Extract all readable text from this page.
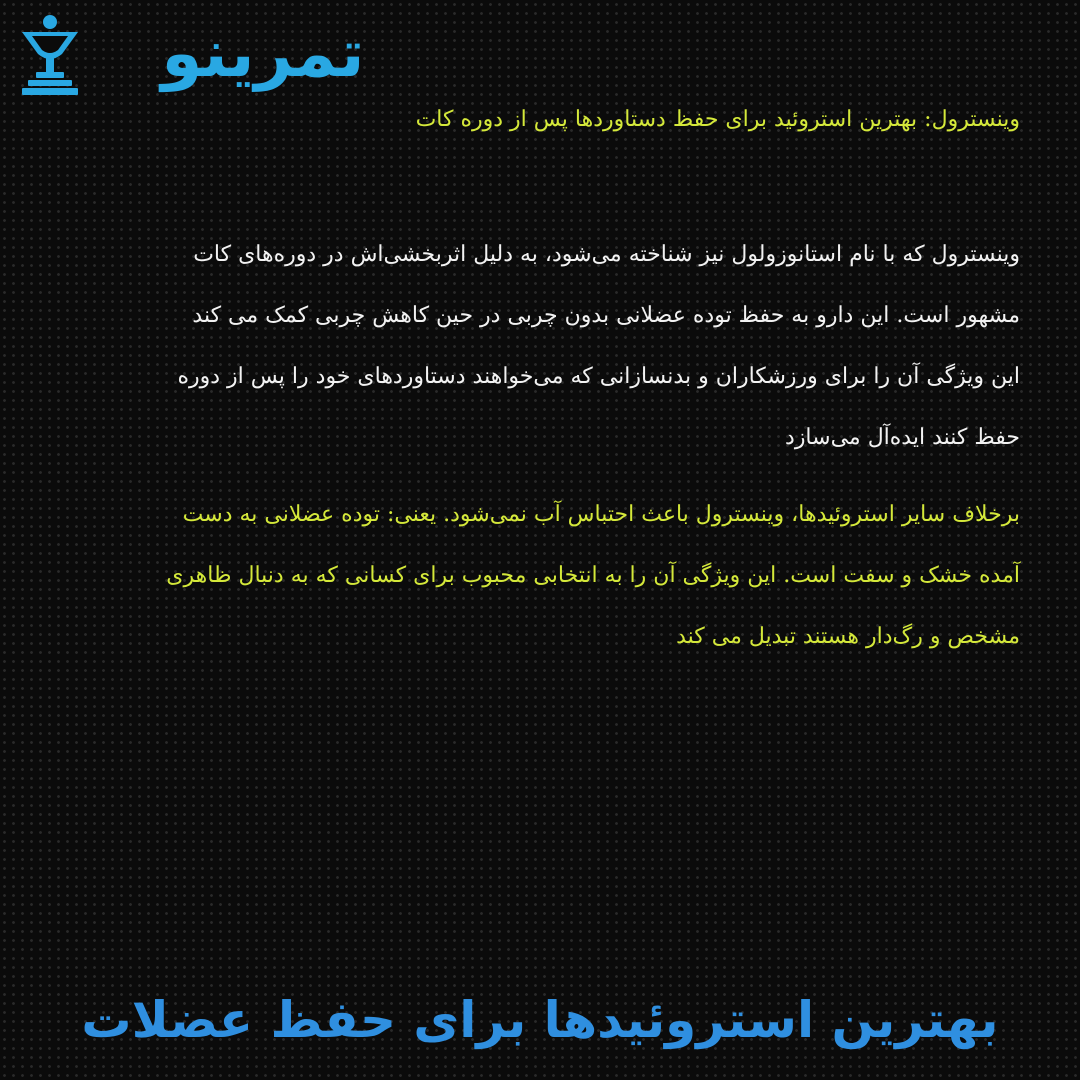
تمرینو
وینسترول: بهترین استروئید برای حفظ دستاوردها پس از دوره کات
وینسترول که با نام استانوزولول نیز شناخته می‌شود، به دلیل اثربخشی‌اش در دوره‌های کات
مشهور است. این دارو به حفظ توده عضلانی بدون چربی در حین کاهش چربی کمک می کند
این ویژگی آن را برای ورزشکاران و بدنسازانی که می‌خواهند دستاوردهای خود را پس از دوره
حفظ کنند ایده‌آل می‌سازد
برخلاف سایر استروئیدها، وینسترول باعث احتباس آب نمی‌شود. یعنی: توده عضلانی به دست
آمده خشک و سفت است. این ویژگی آن را به انتخابی محبوب برای کسانی که به دنبال ظاهری
مشخص و رگ‌دار هستند تبدیل می کند
بهترین استروئیدها برای حفظ عضلات
